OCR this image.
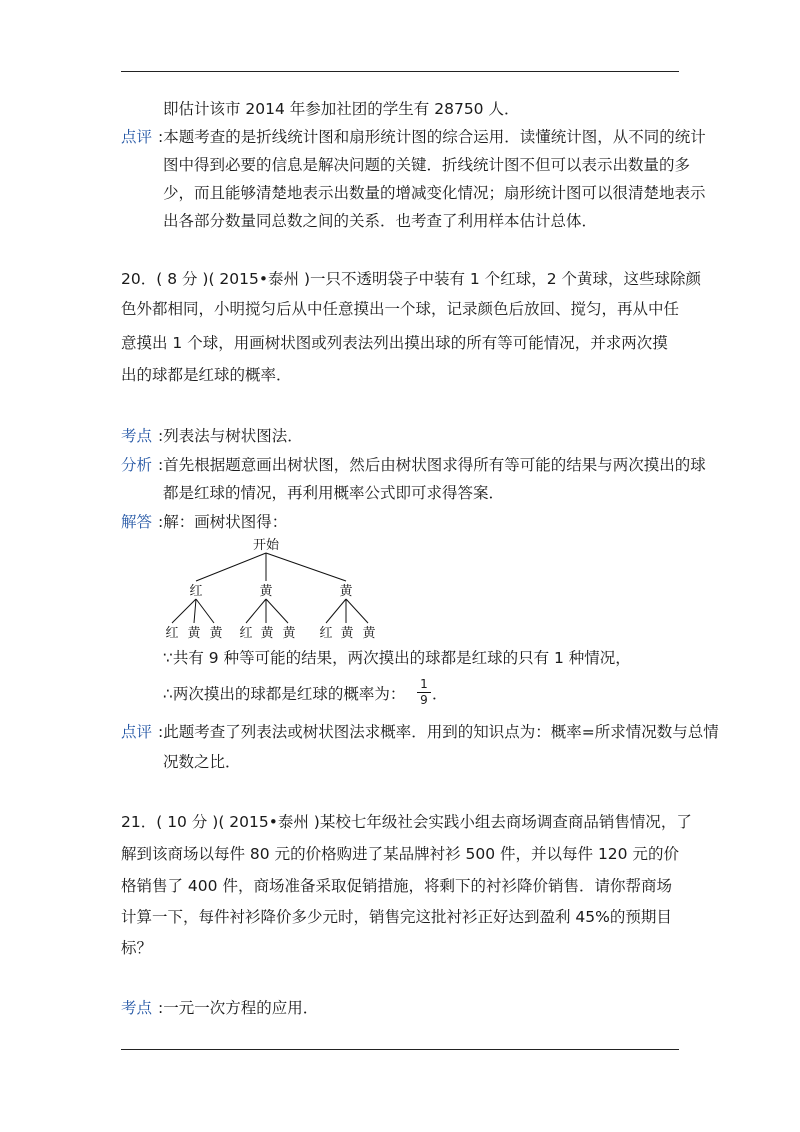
即估计该市 2014 年参加社团的学生有 28750 人．
点评 :本题考查的是折线统计图和扇形统计图的综合运用．读懂统计图，从不同的统计
图中得到必要的信息是解决问题的关键．折线统计图不但可以表示出数量的多
少，而且能够清楚地表示出数量的增减变化情况；扇形统计图可以很清楚地表示
出各部分数量同总数之间的关系．也考查了利用样本估计总体．
20．( 8 分 )( 2015•泰州 )一只不透明袋子中装有 1 个红球，2 个黄球，这些球除颜
色外都相同，小明搅匀后从中任意摸出一个球，记录颜色后放回、搅匀，再从中任
意摸出 1 个球，用画树状图或列表法列出摸出球的所有等可能情况，并求两次摸
出的球都是红球的概率．
考点 :列表法与树状图法．
分析 :首先根据题意画出树状图，然后由树状图求得所有等可能的结果与两次摸出的球
都是红球的情况，再利用概率公式即可求得答案．
解答 :解：画树状图得：
开始
红	黄	黄
红 黄 黄 红 黄 黄 红 黄 黄
∵共有 9 种等可能的结果，两次摸出的球都是红球的只有 1 种情况，
∴两次摸出的球都是红球的概率为：
1
9 ．
点评 :此题考查了列表法或树状图法求概率．用到的知识点为：概率=所求情况数与总情
况数之比．
21．( 10 分 )( 2015•泰州 )某校七年级社会实践小组去商场调查商品销售情况，了
解到该商场以每件 80 元的价格购进了某品牌衬衫 500 件，并以每件 120 元的价
格销售了 400 件，商场准备采取促销措施，将剩下的衬衫降价销售．请你帮商场
计算一下，每件衬衫降价多少元时，销售完这批衬衫正好达到盈利 45%的预期目
标？
考点 :一元一次方程的应用．
